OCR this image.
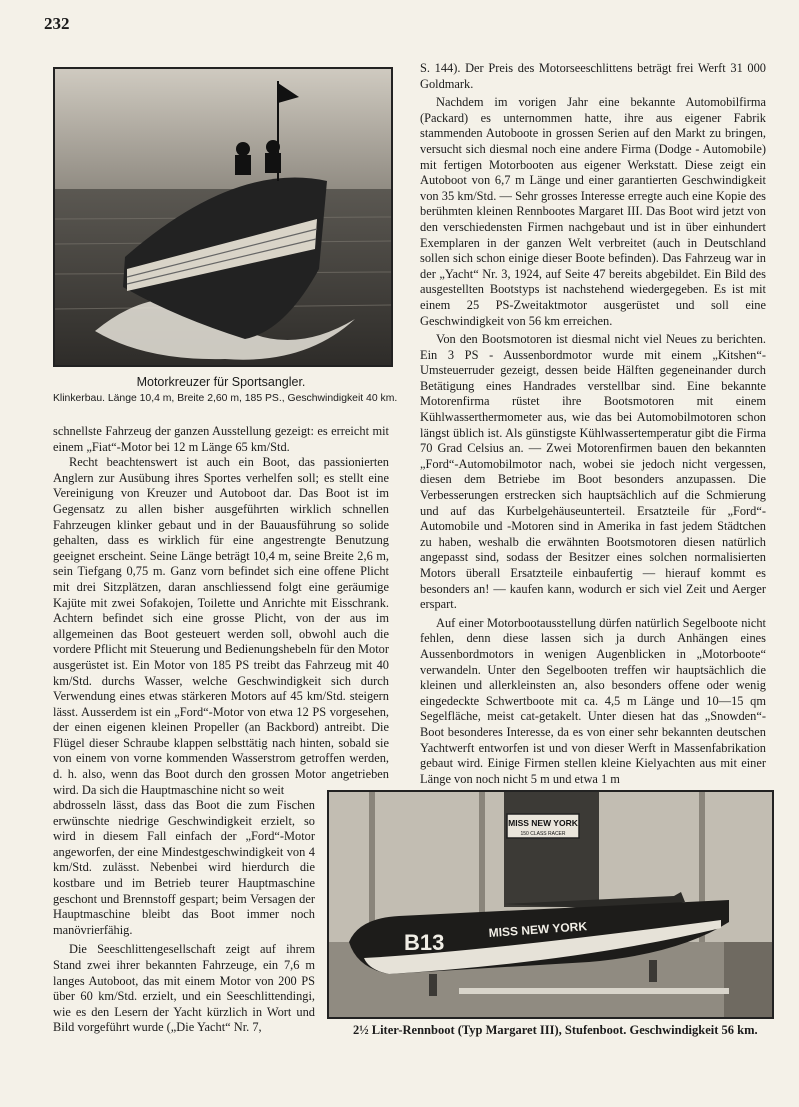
232
Motorkreuzer für Sportsangler.
Klinkerbau. Länge 10,4 m, Breite 2,60 m, 185 PS., Geschwindigkeit 40 km.

schnellste Fahrzeug der ganzen Ausstellung gezeigt: es erreicht mit einem „Fiat“-Motor bei 12 m Länge 65 km/Std.

Recht beachtenswert ist auch ein Boot, das passionierten Anglern zur Ausübung ihres Sportes verhelfen soll; es stellt eine Vereinigung von Kreuzer und Autoboot dar. Das Boot ist im Gegensatz zu allen bisher ausgeführten wirklich schnellen Fahrzeugen klinker gebaut und in der Bauausführung so solide gehalten, dass es wirklich für eine angestrengte Benutzung geeignet erscheint. Seine Länge beträgt 10,4 m, seine Breite 2,6 m, sein Tiefgang 0,75 m. Ganz vorn befindet sich eine offene Plicht mit drei Sitzplätzen, daran anschliessend folgt eine geräumige Kajüte mit zwei Sofakojen, Toilette und Anrichte mit Eisschrank. Achtern befindet sich eine grosse Plicht, von der aus im allgemeinen das Boot gesteuert werden soll, obwohl auch die vordere Pflicht mit Steuerung und Bedienungshebeln für den Motor ausgerüstet ist. Ein Motor von 185 PS treibt das Fahrzeug mit 40 km/Std. durchs Wasser, welche Geschwindigkeit sich durch Verwendung eines etwas stärkeren Motors auf 45 km/Std. steigern lässt. Ausserdem ist ein „Ford“-Motor von etwa 12 PS vorgesehen, der einen eigenen kleinen Propeller (an Backbord) antreibt. Die Flügel dieser Schraube klappen selbsttätig nach hinten, sobald sie von einem von vorne kommenden Wasserstrom getroffen werden, d. h. also, wenn das Boot durch den grossen Motor angetrieben wird. Da sich die Hauptmaschine nicht so weit

abdrosseln lässt, dass das Boot die zum Fischen erwünschte niedrige Geschwindigkeit erzielt, so wird in diesem Fall einfach der „Ford“-Motor angeworfen, der eine Mindestgeschwindigkeit von 4 km/Std. zulässt. Nebenbei wird hierdurch die kostbare und im Betrieb teurer Hauptmaschine geschont und Brennstoff gespart; beim Versagen der Hauptmaschine bleibt das Boot immer noch manövrierfähig.

Die Seeschlittengesellschaft zeigt auf ihrem Stand zwei ihrer bekannten Fahrzeuge, ein 7,6 m langes Autoboot, das mit einem Motor von 200 PS über 60 km/Std. erzielt, und ein Seeschlittendingi, wie es den Lesern der Yacht kürzlich in Wort und Bild vorgeführt wurde („Die Yacht“ Nr. 7,

S. 144). Der Preis des Motorseeschlittens beträgt frei Werft 31 000 Goldmark.

Nachdem im vorigen Jahr eine bekannte Automobilfirma (Packard) es unternommen hatte, ihre aus eigener Fabrik stammenden Autoboote in grossen Serien auf den Markt zu bringen, versucht sich diesmal noch eine andere Firma (Dodge - Automobile) mit fertigen Motorbooten aus eigener Werkstatt. Diese zeigt ein Autoboot von 6,7 m Länge und einer garantierten Geschwindigkeit von 35 km/Std. — Sehr grosses Interesse erregte auch eine Kopie des berühmten kleinen Rennbootes Margaret III. Das Boot wird jetzt von den verschiedensten Firmen nachgebaut und ist in über einhundert Exemplaren in der ganzen Welt verbreitet (auch in Deutschland sollen sich schon einige dieser Boote befinden). Das Fahrzeug war in der „Yacht“ Nr. 3, 1924, auf Seite 47 bereits abgebildet. Ein Bild des ausgestellten Bootstyps ist nachstehend wiedergegeben. Es ist mit einem 25 PS-Zweitaktmotor ausgerüstet und soll eine Geschwindigkeit von 56 km erreichen.

Von den Bootsmotoren ist diesmal nicht viel Neues zu berichten. Ein 3 PS - Aussenbordmotor wurde mit einem „Kitshen“-Umsteuerruder gezeigt, dessen beide Hälften gegeneinander durch Betätigung eines Handrades verstellbar sind. Eine bekannte Motorenfirma rüstet ihre Bootsmotoren mit einem Kühlwasserthermometer aus, wie das bei Automobilmotoren schon längst üblich ist. Als günstigste Kühlwassertemperatur gibt die Firma 70 Grad Celsius an. — Zwei Motorenfirmen bauen den bekannten „Ford“-Automobilmotor nach, wobei sie jedoch nicht vergessen, diesen dem Betriebe im Boot besonders anzupassen. Die Verbesserungen erstrecken sich hauptsächlich auf die Schmierung und auf das Kurbelgehäuseunterteil. Ersatzteile für „Ford“-Automobile und -Motoren sind in Amerika in fast jedem Städtchen zu haben, weshalb die erwähnten Bootsmotoren diesen natürlich angepasst sind, sodass der Besitzer eines solchen normalisierten Motors überall Ersatzteile einbaufertig — hierauf kommt es besonders an! — kaufen kann, wodurch er sich viel Zeit und Aerger erspart.

Auf einer Motorbootausstellung dürfen natürlich Segelboote nicht fehlen, denn diese lassen sich ja durch Anhängen eines Aussenbordmotors in wenigen Augenblicken in „Motorboote“ verwandeln. Unter den Segelbooten treffen wir hauptsächlich die kleinen und allerkleinsten an, also besonders offene oder wenig eingedeckte Schwertboote mit ca. 4,5 m Länge und 10—15 qm Segelfläche, meist cat-getakelt. Unter diesen hat das „Snowden“-Boot besonderes Interesse, da es von einer sehr bekannten deutschen Yachtwerft entworfen ist und von dieser Werft in Massenfabrikation gebaut wird. Einige Firmen stellen kleine Kielyachten aus mit einer Länge von noch nicht 5 m und etwa 1 m

MISS NEW YORK
150 CLASS RACER
B13
MISS NEW YORK
2½ Liter-Rennboot (Typ Margaret III), Stufenboot. Geschwindigkeit 56 km.
